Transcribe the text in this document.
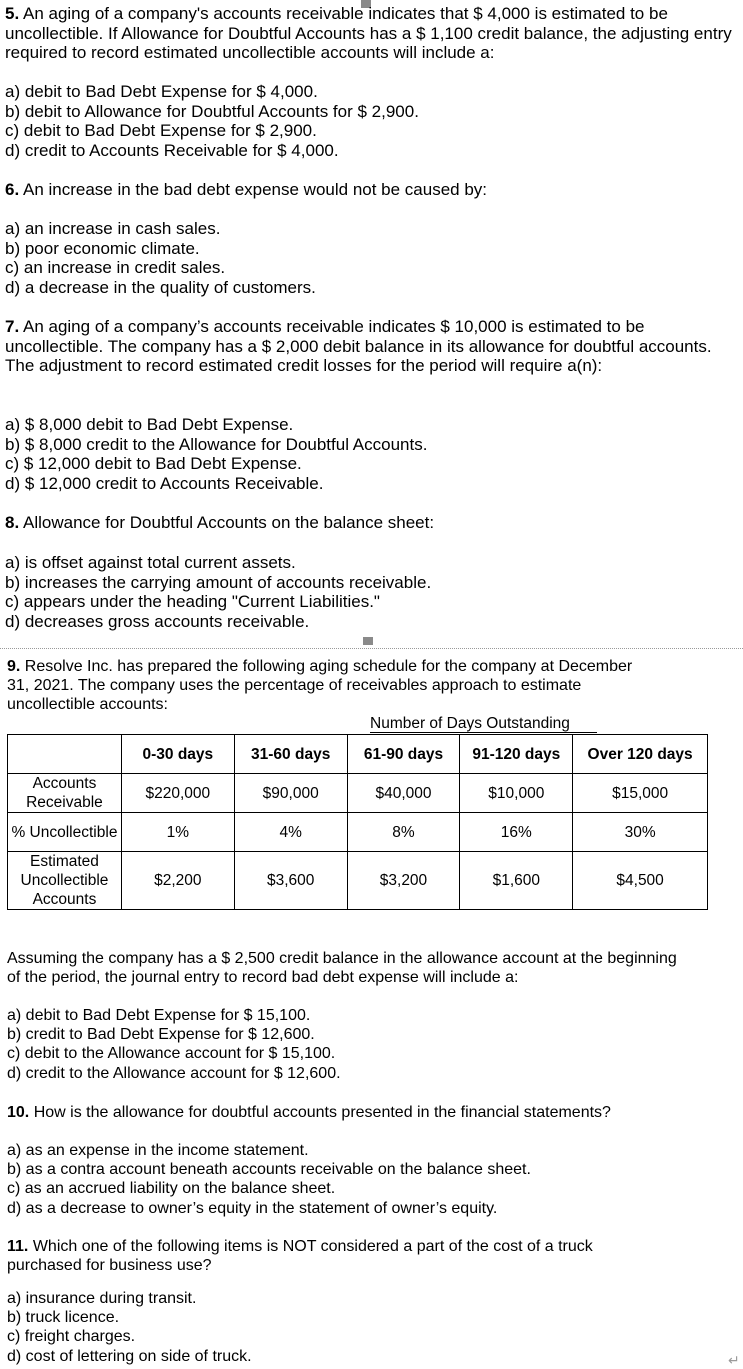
5. An aging of a company's accounts receivable indicates that $ 4,000 is estimated to be uncollectible. If Allowance for Doubtful Accounts has a $ 1,100 credit balance, the adjusting entry required to record estimated uncollectible accounts will include a:
a) debit to Bad Debt Expense for $ 4,000.
b) debit to Allowance for Doubtful Accounts for $ 2,900.
c) debit to Bad Debt Expense for $ 2,900.
d) credit to Accounts Receivable for $ 4,000.
6. An increase in the bad debt expense would not be caused by:
a) an increase in cash sales.
b) poor economic climate.
c) an increase in credit sales.
d) a decrease in the quality of customers.
7. An aging of a company’s accounts receivable indicates $ 10,000 is estimated to be uncollectible. The company has a $ 2,000 debit balance in its allowance for doubtful accounts. The adjustment to record estimated credit losses for the period will require a(n):
a) $ 8,000 debit to Bad Debt Expense.
b) $ 8,000 credit to the Allowance for Doubtful Accounts.
c) $ 12,000 debit to Bad Debt Expense.
d) $ 12,000 credit to Accounts Receivable.
8. Allowance for Doubtful Accounts on the balance sheet:
a) is offset against total current assets.
b) increases the carrying amount of accounts receivable.
c) appears under the heading "Current Liabilities."
d) decreases gross accounts receivable.
9. Resolve Inc. has prepared the following aging schedule for the company at December 31, 2021. The company uses the percentage of receivables approach to estimate uncollectible accounts:
Number of Days Outstanding
	0-30 days	31-60 days	61-90 days	91-120 days	Over 120 days
Accounts Receivable	$220,000	$90,000	$40,000	$10,000	$15,000
% Uncollectible	1%	4%	8%	16%	30%
Estimated Uncollectible Accounts	$2,200	$3,600	$3,200	$1,600	$4,500
Assuming the company has a $ 2,500 credit balance in the allowance account at the beginning of the period, the journal entry to record bad debt expense will include a:
a) debit to Bad Debt Expense for $ 15,100.
b) credit to Bad Debt Expense for $ 12,600.
c) debit to the Allowance account for $ 15,100.
d) credit to the Allowance account for $ 12,600.
10. How is the allowance for doubtful accounts presented in the financial statements?
a) as an expense in the income statement.
b) as a contra account beneath accounts receivable on the balance sheet.
c) as an accrued liability on the balance sheet.
d) as a decrease to owner’s equity in the statement of owner’s equity.
11. Which one of the following items is NOT considered a part of the cost of a truck purchased for business use?
a) insurance during transit.
b) truck licence.
c) freight charges.
d) cost of lettering on side of truck.	↵
